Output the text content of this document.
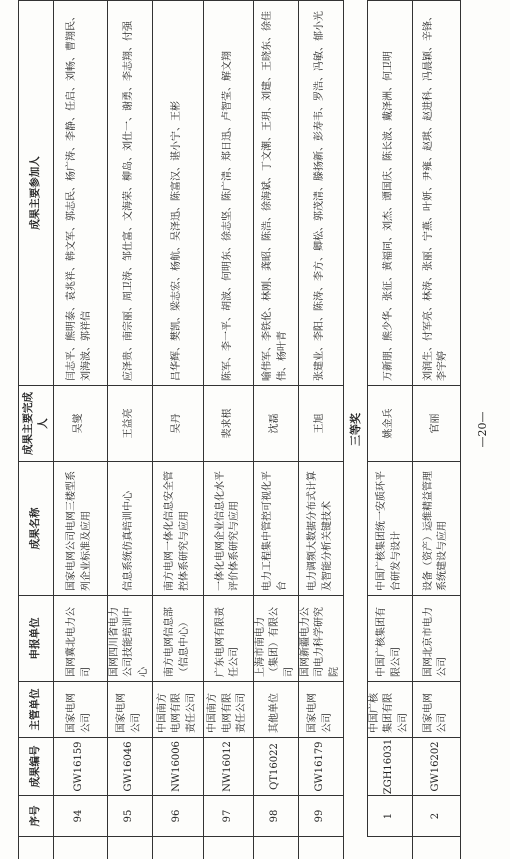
序号
成果编号
主管单位
申报单位
成果名称
成果主要完成人
成果主要参加人
94
GW16159
国家电网公司
国网冀北电力公司
国家电网公司电网三楼型系列企业标准及应用
吴燮
闫志平、熊明泰、袁兆祥、韩文军、郭志民、杨广涛、李静、任启、刘畅、曹翔民、刘海波、郭祥信
95
GW16046
国家电网公司
国网四川省电力公司技能培训中心
信息系统仿真培训中心
王益亮
应泽贵、南宗丽、周卫涛、邹仕富、文海荣、柳岛、刘仕一、谢勇、李志翔、付强
96
NW16006
中国南方电网有限责任公司
南方电网信息部（信息中心）
南方电网一体化信息安全管控体系研究与应用
吴丹
吕华辉、樊凯、梁志宏、杨航、吴泽迅、陈富汉、谌小宁、王彬
97
NW16012
中国南方电网有限责任公司
广东电网有限责任公司
一体化电网企业信息化水平评价体系研究与应用
裴求根
陈军、李一平、胡波、何明东、徐志坚、陈广清、郑日迅、卢智莹、解文翔
98
QT16022
其他单位
上海市南电力（集团）有限公司
电力工程集中管控可视化平台
沈磊
喻伟军、李铁伦、林刚、龚昭、陈浩、徐海斌、丁文潮、王玥、刘建、王晓东、徐佳伟、杨叶青
99
GW16179
国家电网公司
国网新疆电力公司电力科学研究院
电力调频大数据分布式计算及智能分析关键技术
王旭
张建业、李阳、陈涛、李方、卿松、郭茂清、滕扬新、彭寿韦、罗浩、冯敏、郁小光
三等奖
1
ZGH16031
中国广核集团有限公司
中国广核集团有限公司
中国广核集团统一安质环平台研发与设计
姚金兵
万新朋、熊少华、张征、黄福同、刘杰、谭国庆、陈长波、戴泽洲、何卫明
2
GW16202
国家电网公司
国网北京市电力公司
设备（资产）运维精益管理系统建设与应用
官丽
刘润生、付军亮、林涛、张丽、宁燕、叶妍、尹雍、赵琪、赵进科、冯晨颖、辛锋、李宇婷
—20—
